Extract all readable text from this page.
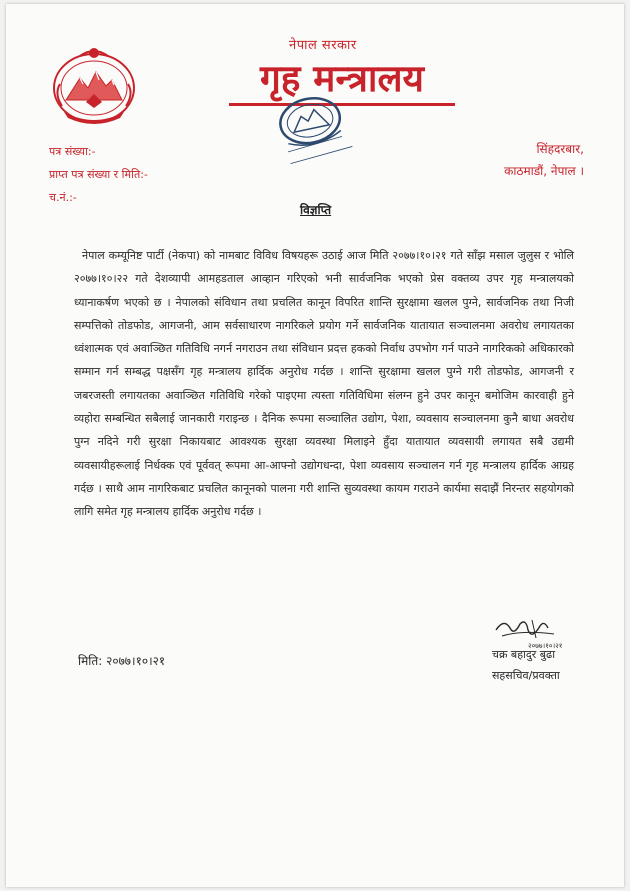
नेपाल सरकार
गृह मन्त्रालय
पत्र संख्या:-
प्राप्त पत्र संख्या र मिति:-
च.नं.:-
सिंहदरबार,
काठमाडौं, नेपाल ।
विज्ञप्ति
नेपाल कम्यूनिष्ट पार्टी (नेकपा) को नामबाट विविध विषयहरू उठाई आज मिति २०७७।१०।२१ गते साँझ मसाल जुलुस र भोलि २०७७।१०।२२ गते देशव्यापी आमहडताल आव्हान गरिएको भनी सार्वजनिक भएको प्रेस वक्तव्य उपर गृह मन्त्रालयको ध्यानाकर्षण भएको छ । नेपालको संविधान तथा प्रचलित कानून विपरित शान्ति सुरक्षामा खलल पुग्ने, सार्वजनिक तथा निजी सम्पत्तिको तोडफोड, आगजनी, आम सर्वसाधारण नागरिकले प्रयोग गर्ने सार्वजनिक यातायात सञ्चालनमा अवरोध लगायतका ध्वंशात्मक एवं अवाञ्छित गतिविधि नगर्न नगराउन तथा संविधान प्रदत्त हकको निर्वाध उपभोग गर्न पाउने नागरिकको अधिकारको सम्मान गर्न सम्बद्ध पक्षसँग गृह मन्त्रालय हार्दिक अनुरोध गर्दछ । शान्ति सुरक्षामा खलल पुग्ने गरी तोडफोड, आगजनी र जबरजस्ती लगायतका अवाञ्छित गतिविधि गरेको पाइएमा त्यस्ता गतिविधिमा संलग्न हुने उपर कानून बमोजिम कारवाही हुने व्यहोरा सम्बन्धित सबैलाई जानकारी गराइन्छ । दैनिक रूपमा सञ्चालित उद्योग, पेशा, व्यवसाय सञ्चालनमा कुनै बाधा अवरोध पुग्न नदिने गरी सुरक्षा निकायबाट आवश्यक सुरक्षा व्यवस्था मिलाइने हुँदा यातायात व्यवसायी लगायत सबै उद्यमी व्यवसायीहरूलाई निर्धक्क एवं पूर्ववत् रूपमा आ-आफ्नो उद्योगधन्दा, पेशा व्यवसाय सञ्चालन गर्न गृह मन्त्रालय हार्दिक आग्रह गर्दछ । साथै आम नागरिकबाट प्रचलित कानूनको पालना गरी शान्ति सुव्यवस्था कायम गराउने कार्यमा सदाझैं निरन्तर सहयोगको लागि समेत गृह मन्त्रालय हार्दिक अनुरोध गर्दछ ।
मिति: २०७७।१०।२१
२०७७।१०।२१
चक्र बहादुर बुढा
सहसचिव/प्रवक्ता
